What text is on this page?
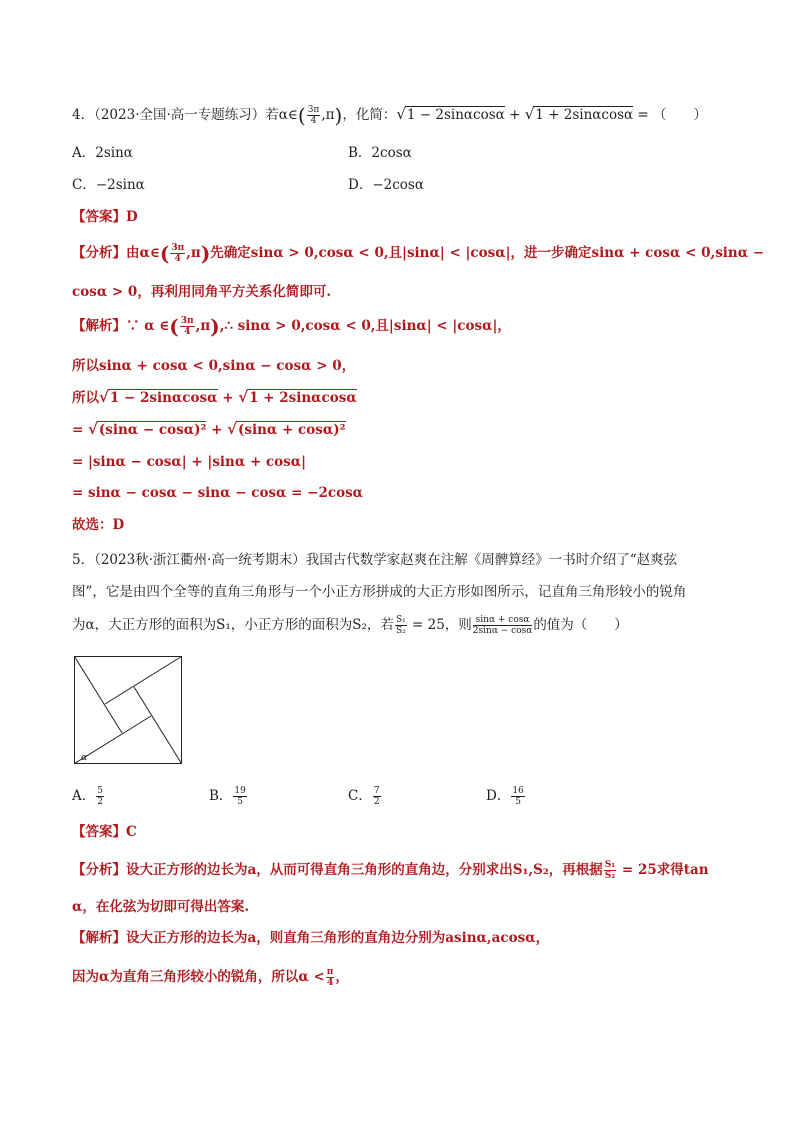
4．（2023·全国·高一专题练习）若α∈( $\frac{3\pi}{4} ,\pi$)，化简：√1 − 2sinαcosα + √1 + 2sinαcosα = （　　）
A．2sinα	B．2cosα
C．−2sinα	D．−2cosα
【答案】D
【分析】由α∈( $\frac{3\pi}{4} ,\pi$)先确定sinα > 0,cosα < 0,且|sinα| < |cosα|，进一步确定sinα + cosα < 0,sinα −
cosα > 0，再利用同角平方关系化简即可.
【解析】∵ α ∈( $\frac{3\pi}{4}$ ,π),∴ sinα > 0,cosα < 0,且|sinα| < |cosα|，
所以sinα + cosα < 0,sinα − cosα > 0，
所以√1 − 2sinαcosα + √1 + 2sinαcosα
= √(sinα − cosα)² + √(sinα + cosα)²
= |sinα − cosα| + |sinα + cosα|
= sinα − cosα − sinα − cosα = −2cosα
故选：D
5．（2023秋·浙江衢州·高一统考期末）我国古代数学家赵爽在注解《周髀算经》一书时介绍了“赵爽弦
图”，它是由四个全等的直角三角形与一个小正方形拼成的大正方形如图所示，记直角三角形较小的锐角
为α，大正方形的面积为S₁，小正方形的面积为S₂，若 $\frac{\text{S₁}}{\text{S₂}} = 25$，则 $\frac{\sin\alpha + \cos\alpha}{2\sin\alpha - \cos\alpha}$ 的值为（　　）
α
A． $\frac{5}{2}$	B． $\frac{19}{5}$	C． $\frac{7}{2}$	D． $\frac{16}{5}$
【答案】C
【分析】设大正方形的边长为a，从而可得直角三角形的直角边，分别求出S₁,S₂，再根据 $\frac{\text{S₁}}{\text{S₂}} = 25$求得tan
α，在化弦为切即可得出答案.
【解析】设大正方形的边长为a，则直角三角形的直角边分别为asinα,acosα，
因为α为直角三角形较小的锐角，所以$\alpha < \frac{\pi}{4}$ ，
